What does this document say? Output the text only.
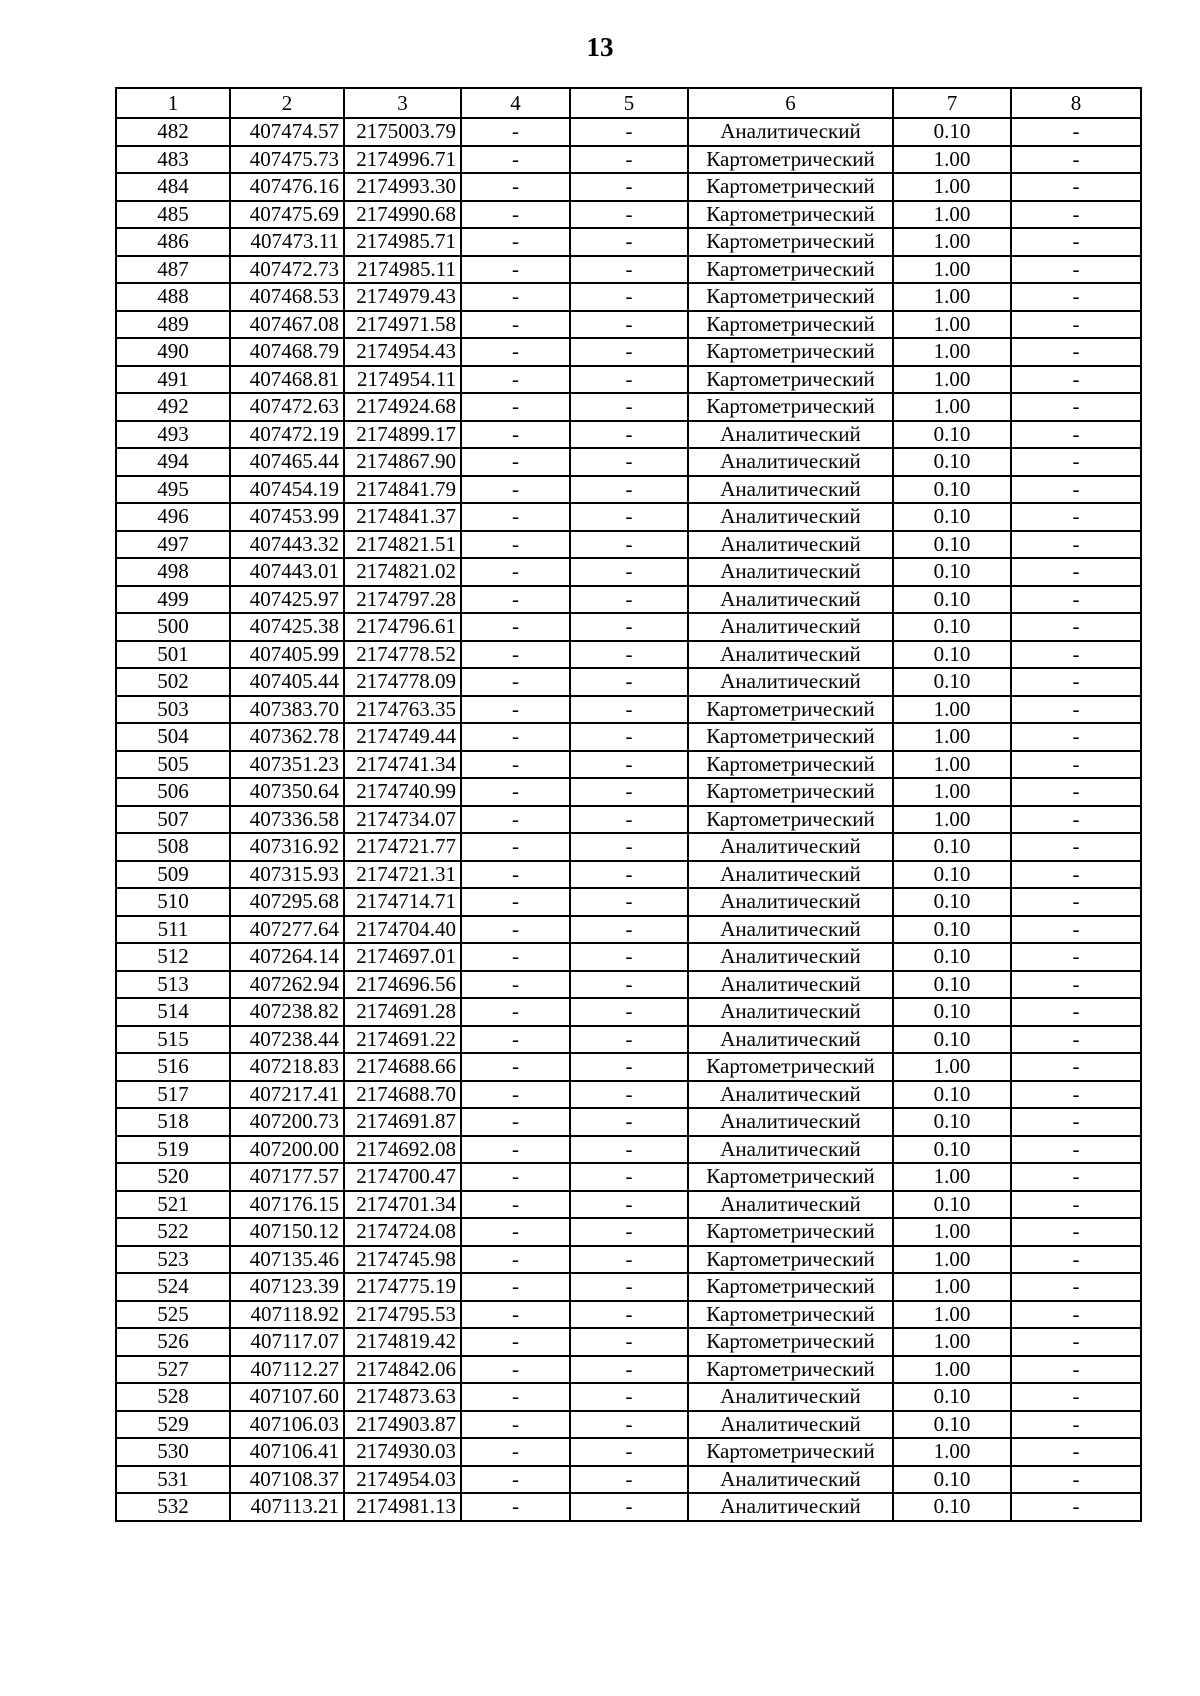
13
1	2	3	4	5	6	7	8
482	407474.57	2175003.79	-	-	Аналитический	0.10	-
483	407475.73	2174996.71	-	-	Картометрический	1.00	-
484	407476.16	2174993.30	-	-	Картометрический	1.00	-
485	407475.69	2174990.68	-	-	Картометрический	1.00	-
486	407473.11	2174985.71	-	-	Картометрический	1.00	-
487	407472.73	2174985.11	-	-	Картометрический	1.00	-
488	407468.53	2174979.43	-	-	Картометрический	1.00	-
489	407467.08	2174971.58	-	-	Картометрический	1.00	-
490	407468.79	2174954.43	-	-	Картометрический	1.00	-
491	407468.81	2174954.11	-	-	Картометрический	1.00	-
492	407472.63	2174924.68	-	-	Картометрический	1.00	-
493	407472.19	2174899.17	-	-	Аналитический	0.10	-
494	407465.44	2174867.90	-	-	Аналитический	0.10	-
495	407454.19	2174841.79	-	-	Аналитический	0.10	-
496	407453.99	2174841.37	-	-	Аналитический	0.10	-
497	407443.32	2174821.51	-	-	Аналитический	0.10	-
498	407443.01	2174821.02	-	-	Аналитический	0.10	-
499	407425.97	2174797.28	-	-	Аналитический	0.10	-
500	407425.38	2174796.61	-	-	Аналитический	0.10	-
501	407405.99	2174778.52	-	-	Аналитический	0.10	-
502	407405.44	2174778.09	-	-	Аналитический	0.10	-
503	407383.70	2174763.35	-	-	Картометрический	1.00	-
504	407362.78	2174749.44	-	-	Картометрический	1.00	-
505	407351.23	2174741.34	-	-	Картометрический	1.00	-
506	407350.64	2174740.99	-	-	Картометрический	1.00	-
507	407336.58	2174734.07	-	-	Картометрический	1.00	-
508	407316.92	2174721.77	-	-	Аналитический	0.10	-
509	407315.93	2174721.31	-	-	Аналитический	0.10	-
510	407295.68	2174714.71	-	-	Аналитический	0.10	-
511	407277.64	2174704.40	-	-	Аналитический	0.10	-
512	407264.14	2174697.01	-	-	Аналитический	0.10	-
513	407262.94	2174696.56	-	-	Аналитический	0.10	-
514	407238.82	2174691.28	-	-	Аналитический	0.10	-
515	407238.44	2174691.22	-	-	Аналитический	0.10	-
516	407218.83	2174688.66	-	-	Картометрический	1.00	-
517	407217.41	2174688.70	-	-	Аналитический	0.10	-
518	407200.73	2174691.87	-	-	Аналитический	0.10	-
519	407200.00	2174692.08	-	-	Аналитический	0.10	-
520	407177.57	2174700.47	-	-	Картометрический	1.00	-
521	407176.15	2174701.34	-	-	Аналитический	0.10	-
522	407150.12	2174724.08	-	-	Картометрический	1.00	-
523	407135.46	2174745.98	-	-	Картометрический	1.00	-
524	407123.39	2174775.19	-	-	Картометрический	1.00	-
525	407118.92	2174795.53	-	-	Картометрический	1.00	-
526	407117.07	2174819.42	-	-	Картометрический	1.00	-
527	407112.27	2174842.06	-	-	Картометрический	1.00	-
528	407107.60	2174873.63	-	-	Аналитический	0.10	-
529	407106.03	2174903.87	-	-	Аналитический	0.10	-
530	407106.41	2174930.03	-	-	Картометрический	1.00	-
531	407108.37	2174954.03	-	-	Аналитический	0.10	-
532	407113.21	2174981.13	-	-	Аналитический	0.10	-
